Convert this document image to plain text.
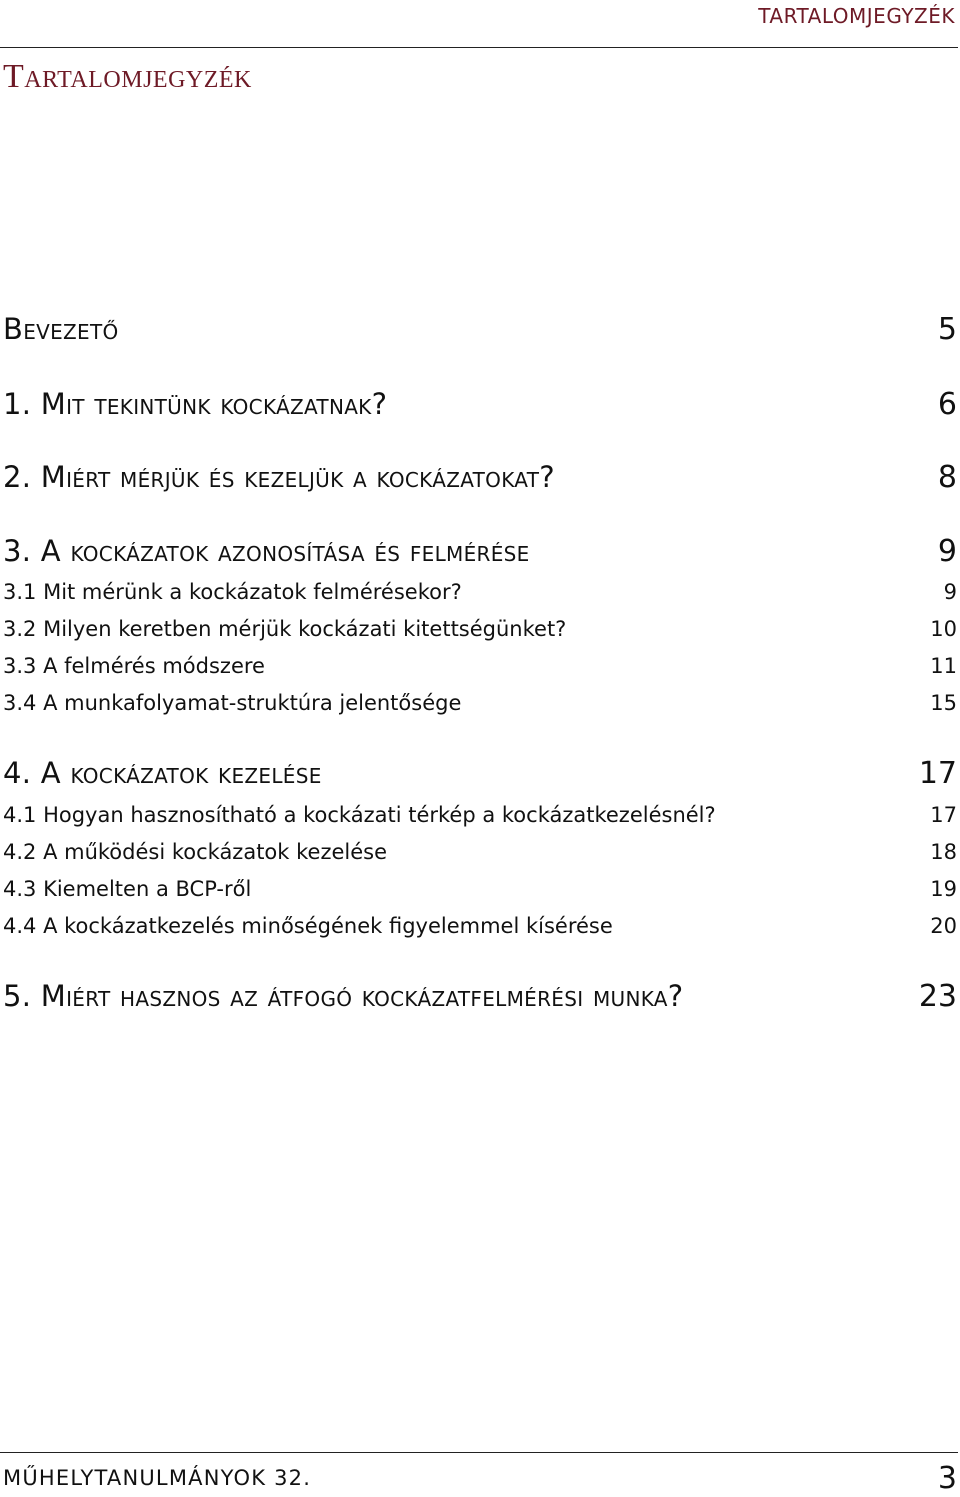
TARTALOMJEGYZÉK
Tartalomjegyzék
Bevezető	5
1. Mit tekintünk kockázatnak?	6
2. Miért mérjük és kezeljük a kockázatokat?	8
3. A kockázatok azonosítása és felmérése	9
3.1 Mit mérünk a kockázatok felmérésekor?	9
3.2 Milyen keretben mérjük kockázati kitettségünket?	10
3.3 A felmérés módszere	11
3.4 A munkafolyamat-struktúra jelentősége	15
4. A kockázatok kezelése	17
4.1 Hogyan hasznosítható a kockázati térkép a kockázatkezelésnél?	17
4.2 A működési kockázatok kezelése	18
4.3 Kiemelten a BCP-ről	19
4.4 A kockázatkezelés minőségének figyelemmel kísérése	20
5. Miért hasznos az átfogó kockázatfelmérési munka?	23
MŰHELYTANULMÁNYOK 32.	3
